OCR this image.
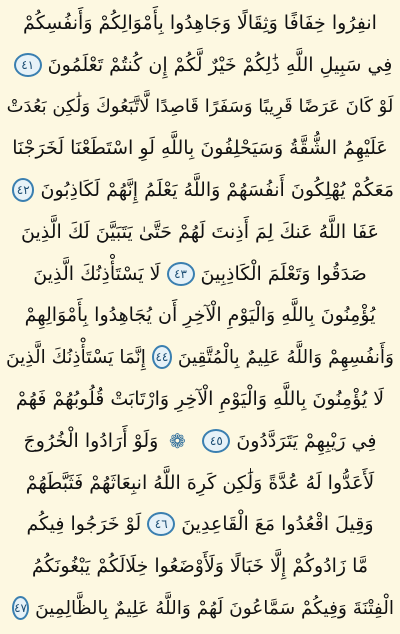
انفِرُوا خِفَافًا وَثِقَالًا وَجَاهِدُوا بِأَمْوَالِكُمْ وَأَنفُسِكُمْ
فِي سَبِيلِ اللَّهِ ذَٰلِكُمْ خَيْرٌ لَّكُمْ إِن كُنتُمْ تَعْلَمُونَ
٤١
لَوْ كَانَ عَرَضًا قَرِيبًا وَسَفَرًا قَاصِدًا لَّاتَّبَعُوكَ وَلَٰكِن بَعُدَتْ
عَلَيْهِمُ الشُّقَّةُ وَسَيَحْلِفُونَ بِاللَّهِ لَوِ اسْتَطَعْنَا لَخَرَجْنَا
مَعَكُمْ يُهْلِكُونَ أَنفُسَهُمْ وَاللَّهُ يَعْلَمُ إِنَّهُمْ لَكَاذِبُونَ
٤٢
عَفَا اللَّهُ عَنكَ لِمَ أَذِنتَ لَهُمْ حَتَّىٰ يَتَبَيَّنَ لَكَ الَّذِينَ
صَدَقُوا وَتَعْلَمَ الْكَاذِبِينَ
٤٣
لَا يَسْتَأْذِنُكَ الَّذِينَ
يُؤْمِنُونَ بِاللَّهِ وَالْيَوْمِ الْآخِرِ أَن يُجَاهِدُوا بِأَمْوَالِهِمْ
وَأَنفُسِهِمْ وَاللَّهُ عَلِيمٌ بِالْمُتَّقِينَ
٤٤
إِنَّمَا يَسْتَأْذِنُكَ الَّذِينَ
لَا يُؤْمِنُونَ بِاللَّهِ وَالْيَوْمِ الْآخِرِ وَارْتَابَتْ قُلُوبُهُمْ فَهُمْ
فِي رَيْبِهِمْ يَتَرَدَّدُونَ
٤٥
❁
وَلَوْ أَرَادُوا الْخُرُوجَ
لَأَعَدُّوا لَهُ عُدَّةً وَلَٰكِن كَرِهَ اللَّهُ انبِعَاثَهُمْ فَثَبَّطَهُمْ
وَقِيلَ اقْعُدُوا مَعَ الْقَاعِدِينَ
٤٦
لَوْ خَرَجُوا فِيكُم
مَّا زَادُوكُمْ إِلَّا خَبَالًا وَلَأَوْضَعُوا خِلَالَكُمْ يَبْغُونَكُمُ
الْفِتْنَةَ وَفِيكُمْ سَمَّاعُونَ لَهُمْ وَاللَّهُ عَلِيمٌ بِالظَّالِمِينَ
٤٧
